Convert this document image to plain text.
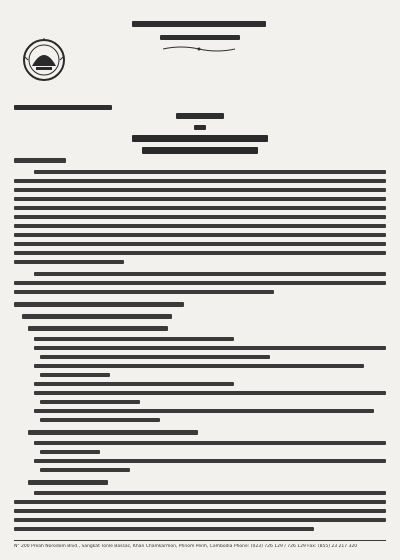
N° 200 Preah Norodom Blvd., Sangkat Tonle Bassac, Khan Chamkarmon, Phnom Penh, Cambodia Phone: (023) 726 129 / 726 129 Fax: (855) 23 217 320
